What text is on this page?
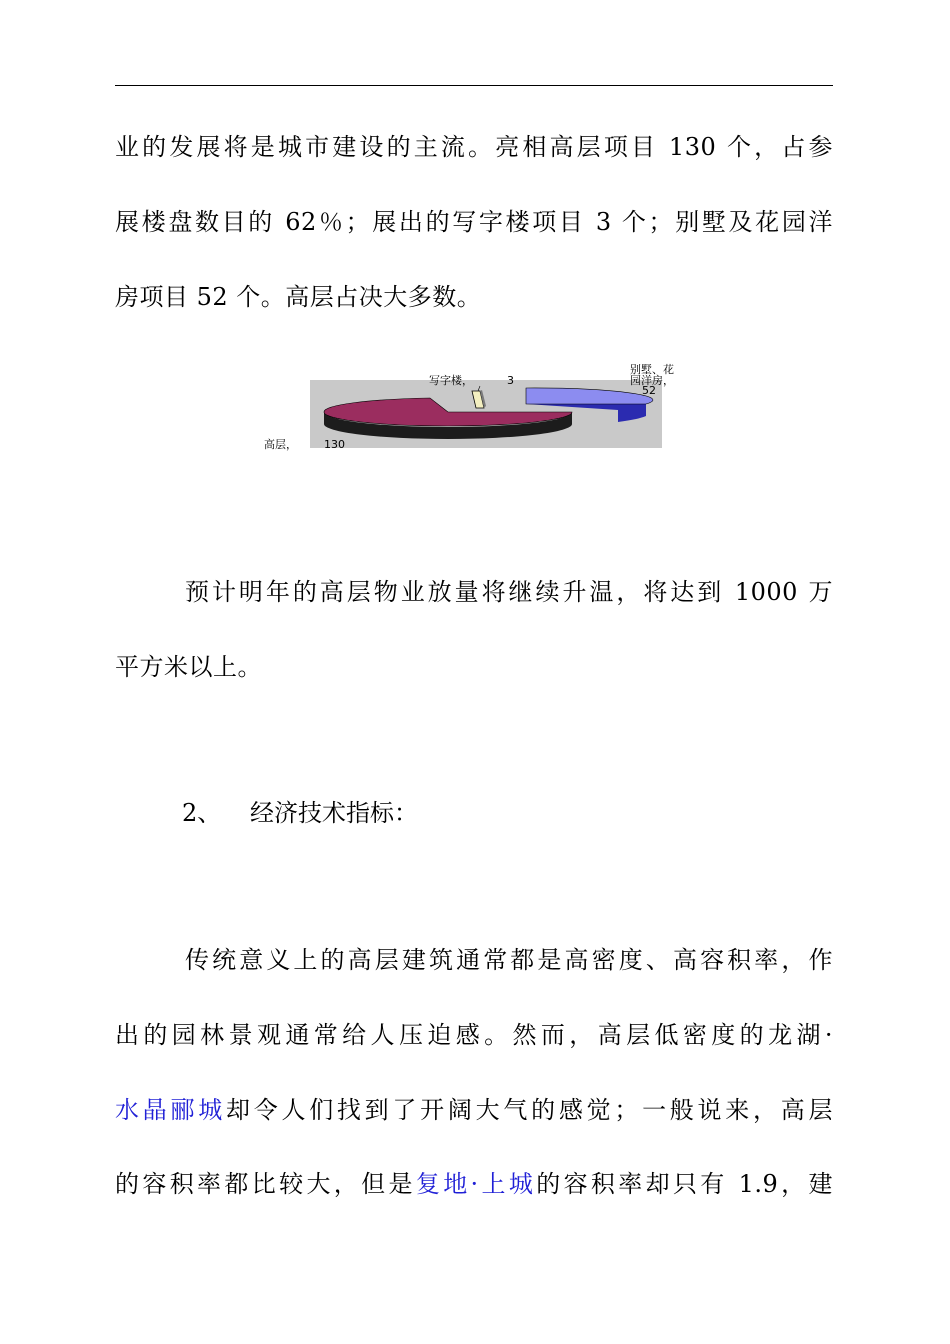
业的发展将是城市建设的主流。亮相高层项目 130 个，占参
展楼盘数目的 62％；展出的写字楼项目 3 个；别墅及花园洋
房项目 52 个。高层占决大多数。
写字楼，	3
别墅、花
园洋房，
52
高层， 130
预计明年的高层物业放量将继续升温，将达到 1000 万
平方米以上。
2、 经济技术指标：
传统意义上的高层建筑通常都是高密度、高容积率，作
出的园林景观通常给人压迫感。然而，高层低密度的龙湖·
水晶郦城却令人们找到了开阔大气的感觉；一般说来，高层
的容积率都比较大，但是复地·上城的容积率却只有 1.9，建
